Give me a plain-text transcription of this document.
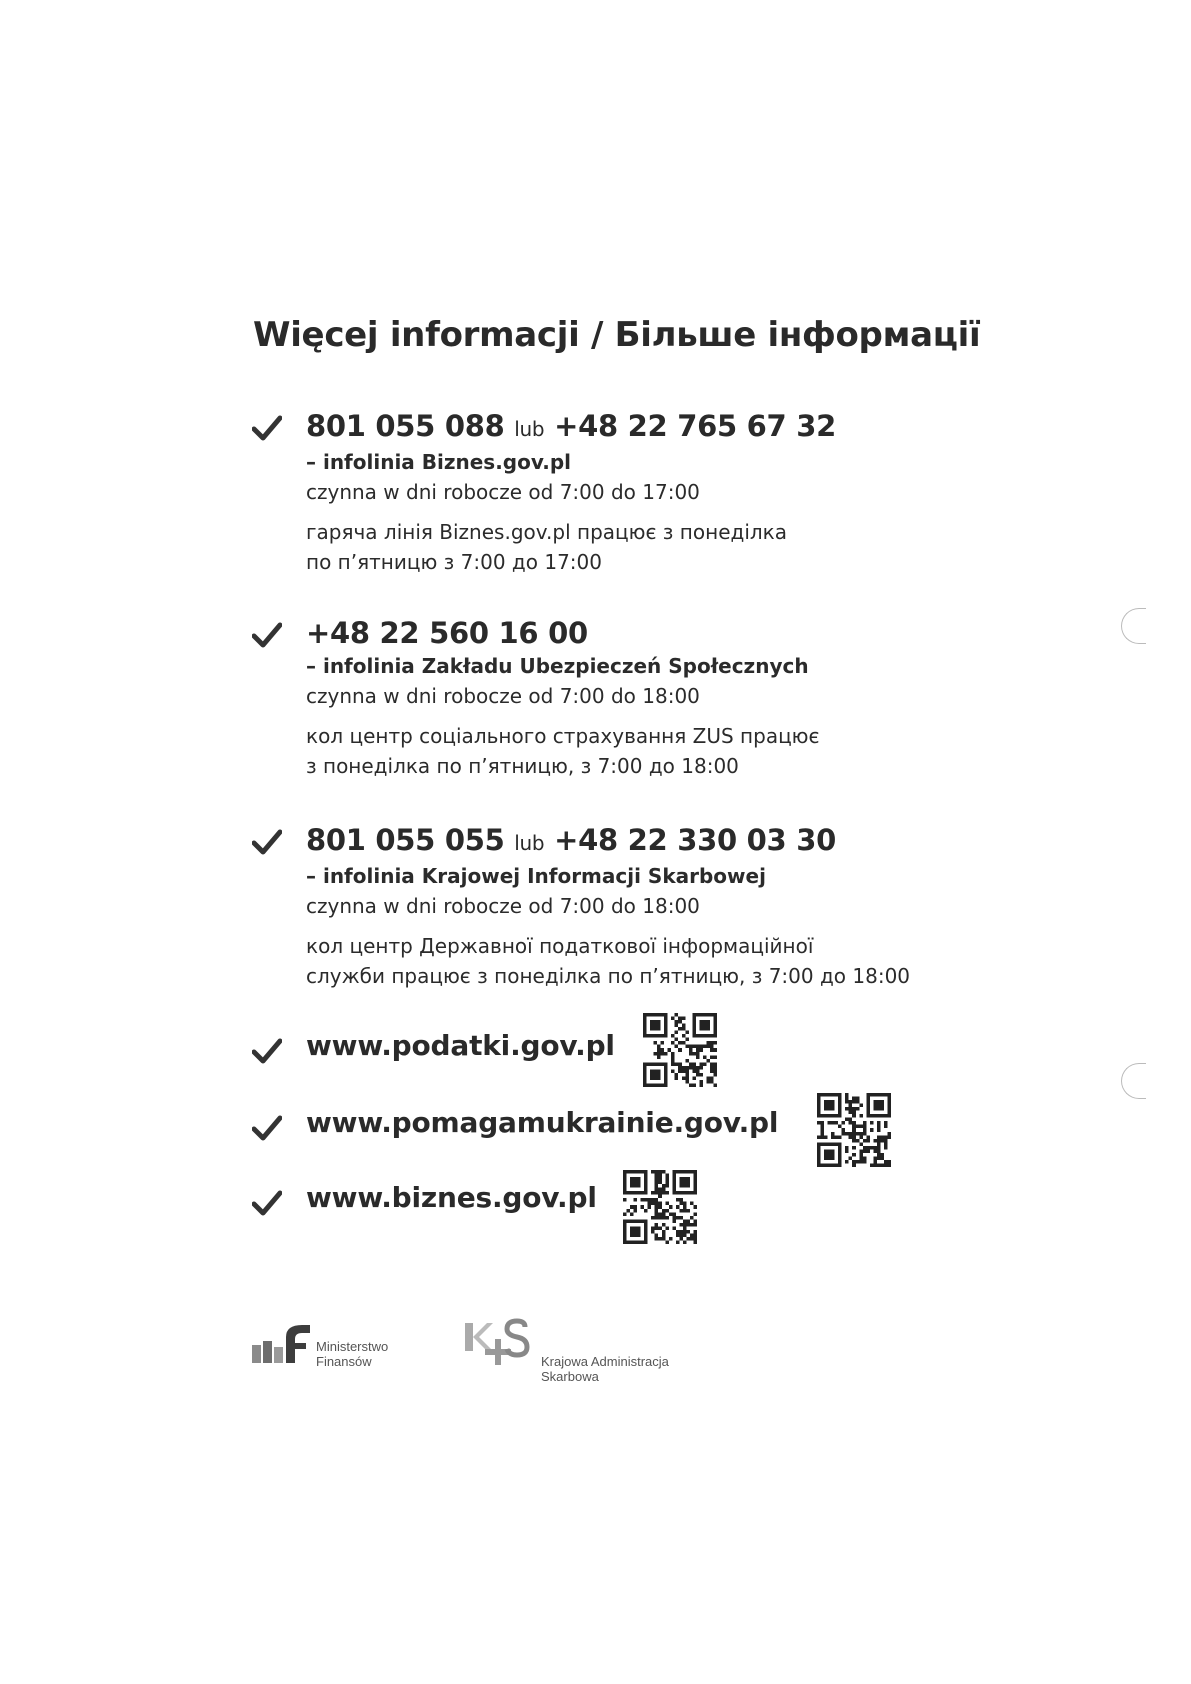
Więcej informacji / Більше інформації
801 055 088 lub +48 22 765 67 32
– infolinia Biznes.gov.pl
czynna w dni robocze od 7:00 do 17:00
гаряча лінія Biznes.gov.pl працює з понеділка
по п’ятницю з 7:00 до 17:00
+48 22 560 16 00
– infolinia Zakładu Ubezpieczeń Społecznych
czynna w dni robocze od 7:00 do 18:00
кол центр соціального страхування ZUS працює
з понеділка по п’ятницю, з 7:00 до 18:00
801 055 055 lub +48 22 330 03 30
– infolinia Krajowej Informacji Skarbowej
czynna w dni robocze od 7:00 do 18:00
кол центр Державної податкової інформаційної
служби працює з понеділка по п’ятницю, з 7:00 до 18:00
www.podatki.gov.pl
www.pomagamukrainie.gov.pl
www.biznes.gov.pl
Ministerstwo
Finansów	Krajowa Administracja
Skarbowa
